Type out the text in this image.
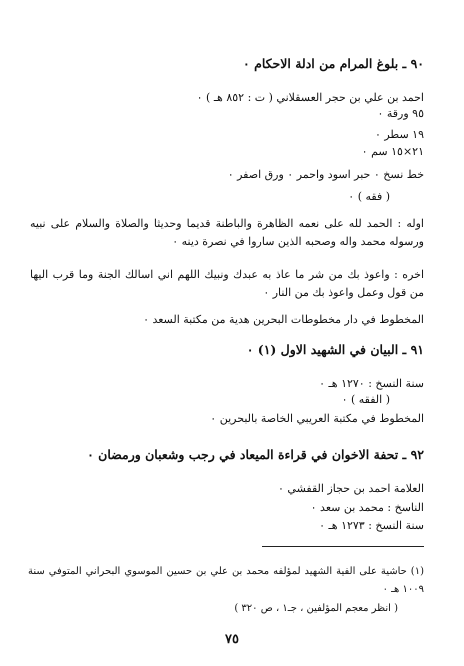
٩٠ ـ بلوغ المرام من ادلة الاحكام ٠
احمد بن علي بن حجر العسقلاني ( ت : ٨٥٢ هـ ) ٠
٩٥ ورقة ٠
١٩ سطر ٠
٢١×١٥ سم ٠
خط نسخ ٠ حبر اسود واحمر ٠ ورق اصفر ٠
( فقه ) ٠
اوله : الحمد لله على نعمه الظاهرة والباطنة قديما وحديثا والصلاة والسلام على نبيه ورسوله محمد واله وصحبه الذين ساروا في نصرة دينه ٠
اخره : واعوذ بك من شر ما عاذ به عبدك ونبيك اللهم اني اسالك الجنة وما قرب اليها من قول وعمل واعوذ بك من النار ٠
المخطوط في دار مخطوطات البحرين هدية من مكتبة السعد ٠
٩١ ـ البيان في الشهيد الاول (١) ٠
سنة النسخ : ١٢٧٠ هـ ٠
( الفقه ) ٠
المخطوط في مكتبة العريبي الخاصة بالبحرين ٠
٩٢ ـ تحفة الاخوان في قراءة الميعاد في رجب وشعبان ورمضان ٠
العلامة احمد بن حجاز القفشي ٠
الناسخ : محمد بن سعد ٠
سنة النسخ : ١٢٧٣ هـ ٠
(١) حاشية على الفية الشهيد لمؤلفه محمد بن علي بن حسين الموسوي البحراني المتوفي سنة ١٠٠٩ هـ ٠
( انظر معجم المؤلفين ، جـ١ ، ص ٣٢٠ )
٧٥
